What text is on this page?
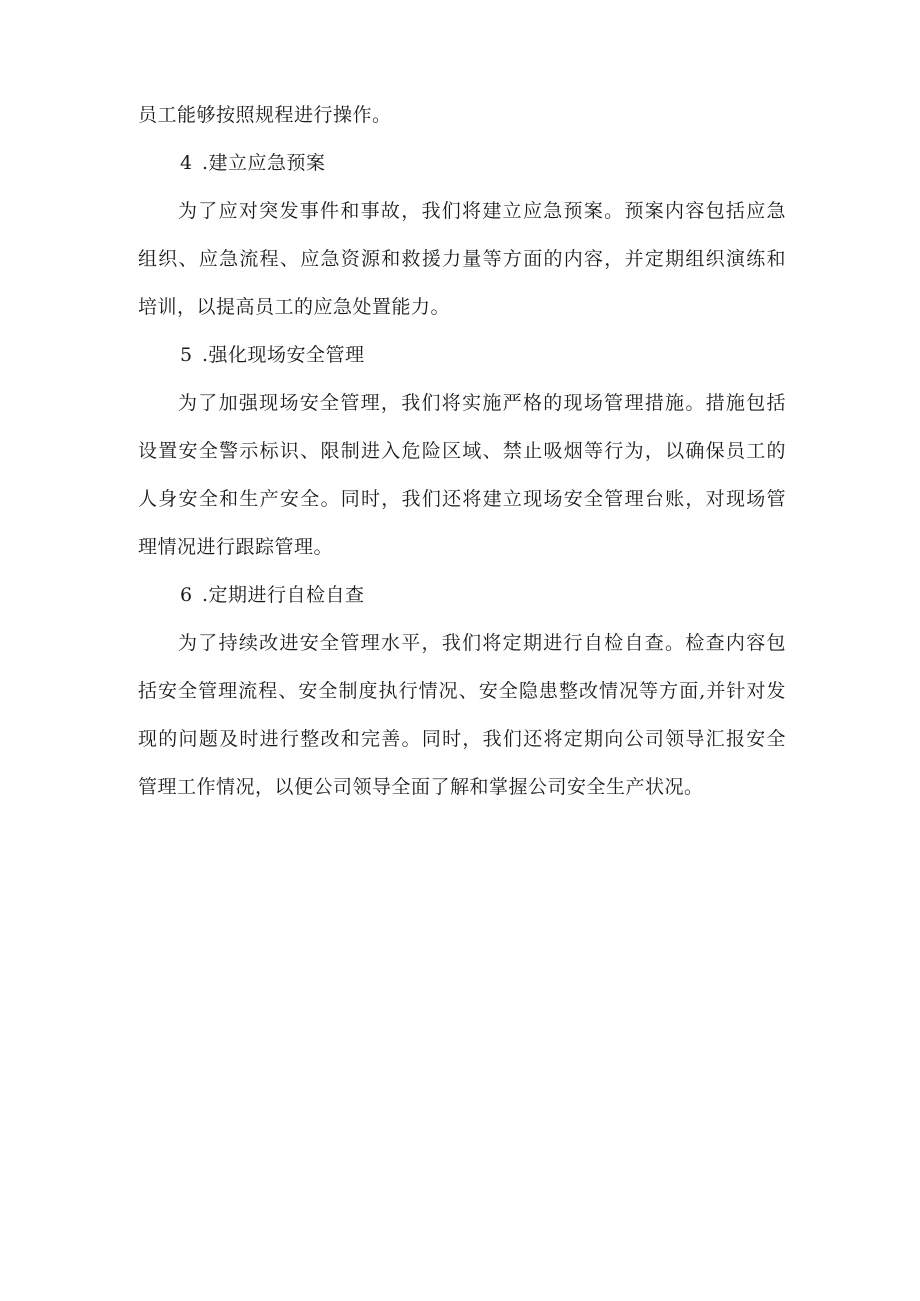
员工能够按照规程进行操作。

4 .建立应急预案

为了应对突发事件和事故，我们将建立应急预案。预案内容包括应急

组织、应急流程、应急资源和救援力量等方面的内容，并定期组织演练和

培训，以提高员工的应急处置能力。

5 .强化现场安全管理

为了加强现场安全管理，我们将实施严格的现场管理措施。措施包括

设置安全警示标识、限制进入危险区域、禁止吸烟等行为，以确保员工的

人身安全和生产安全。同时，我们还将建立现场安全管理台账，对现场管

理情况进行跟踪管理。

6 .定期进行自检自查

为了持续改进安全管理水平，我们将定期进行自检自查。检查内容包

括安全管理流程、安全制度执行情况、安全隐患整改情况等方面,并针对发

现的问题及时进行整改和完善。同时，我们还将定期向公司领导汇报安全

管理工作情况，以便公司领导全面了解和掌握公司安全生产状况。
